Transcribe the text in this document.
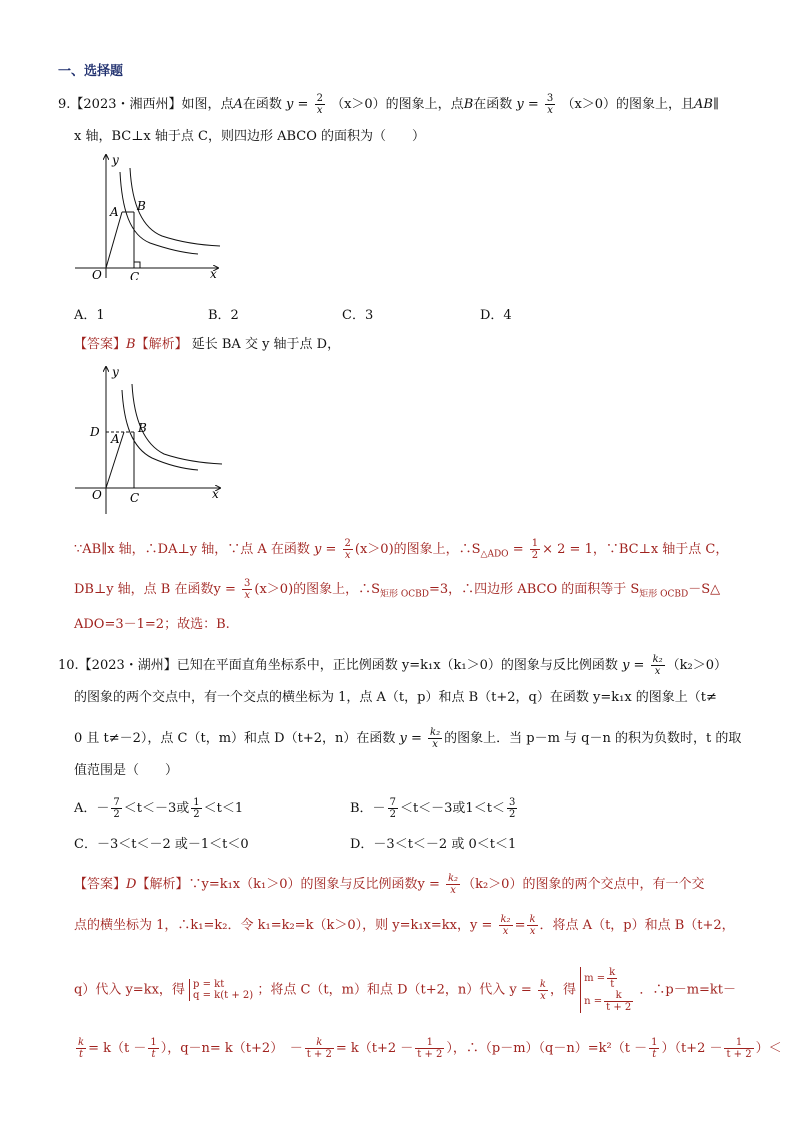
一、选择题
9.【2023・湘西州】如图，点A在函数 $y = \frac{2}{x} (x>0)$的图象上，点B在函数 $y = \frac{3}{x} (x>0)$的图象上，且AB∥
x 轴，BC⊥x 轴于点 C，则四边形 ABCO 的面积为（　　）
y
x
O
A B
C
A．1	B．2	C．3	D．4
【答案】B【解析】 延长 BA 交 y 轴于点 D，
y
x
O
D A
B
C
∵AB∥x 轴，∴DA⊥y 轴，∵点 A 在函数 $y = \frac{2}{x} (x>0)$的图象上，$\therefore S_{\triangle ADO} = \frac{1}{2} \times 2 = 1$，∵BC⊥x 轴于点 C，
DB⊥y 轴，点 B 在函数$y = \frac{3}{x} (x>0)$的图象上，$\therefore S_{矩形 OCBD}=3$，∴四边形 ABCO 的面积等于 $S_{矩形 OCBD}-S\triangle$
ADO=3－1=2；故选：B.
10.【2023・湖州】已知在平面直角坐标系中，正比例函数 y=k₁x（k₁＞0）的图象与反比例函数 $y = \frac{\text{k₂}}{x} (k_2>0)$
的图象的两个交点中，有一个交点的横坐标为 1，点 A（t，p）和点 B（t+2，q）在函数 y=k₁x 的图象上（t≠
0 且 t≠－2），点 C（t，m）和点 D（t+2，n）在函数 $y = \frac{\text{k₂}}{x}$ 的图象上．当 p－m 与 q－n 的积为负数时，t 的取
值范围是（　　）
A．－ $\frac{7}{2} <t<-3$或 $\frac{1}{2} <t<1$	B．－ $\frac{7}{2} <t<-3$或$1<t< \frac{3}{2}$
C．－3＜t＜－2 或－1＜t＜0	D．－3＜t＜－2 或 0＜t＜1
【答案】D【解析】∵y=k₁x（k₁＞0）的图象与反比例函数$y = \frac{\text{k₂}}{x} (k_2>0)$的图象的两个交点中，有一个交
点的横坐标为 1，∴k₁=k₂．令 k₁=k₂=k（k＞0），则 y=k₁x=kx，$y = \frac{\text{k₂}}{x} = \frac{k}{x}$ ．将点 A（t，p）和点 B（t+2，
q）代入 y=kx，得 p = kt
q = k(t + 2) ；将点 C（t，m）和点 D（t+2，n）代入 $y = \frac{k}{x}$ ，得
$m = \frac{k}{t}$
$n = \frac{k}{t + 2}$ ．∴p－m=kt－
$\frac{k}{t} = k(t - \frac{1}{t}$ ），q－n= k（t+2）　－ $\frac{k}{t + 2} = k(t+2 - \frac{1}{t + 2}$ ），∴（p－m）（q－n）=k²（t － $\frac{1}{t} )(t+2 - \frac{1}{t + 2}$ ）＜
